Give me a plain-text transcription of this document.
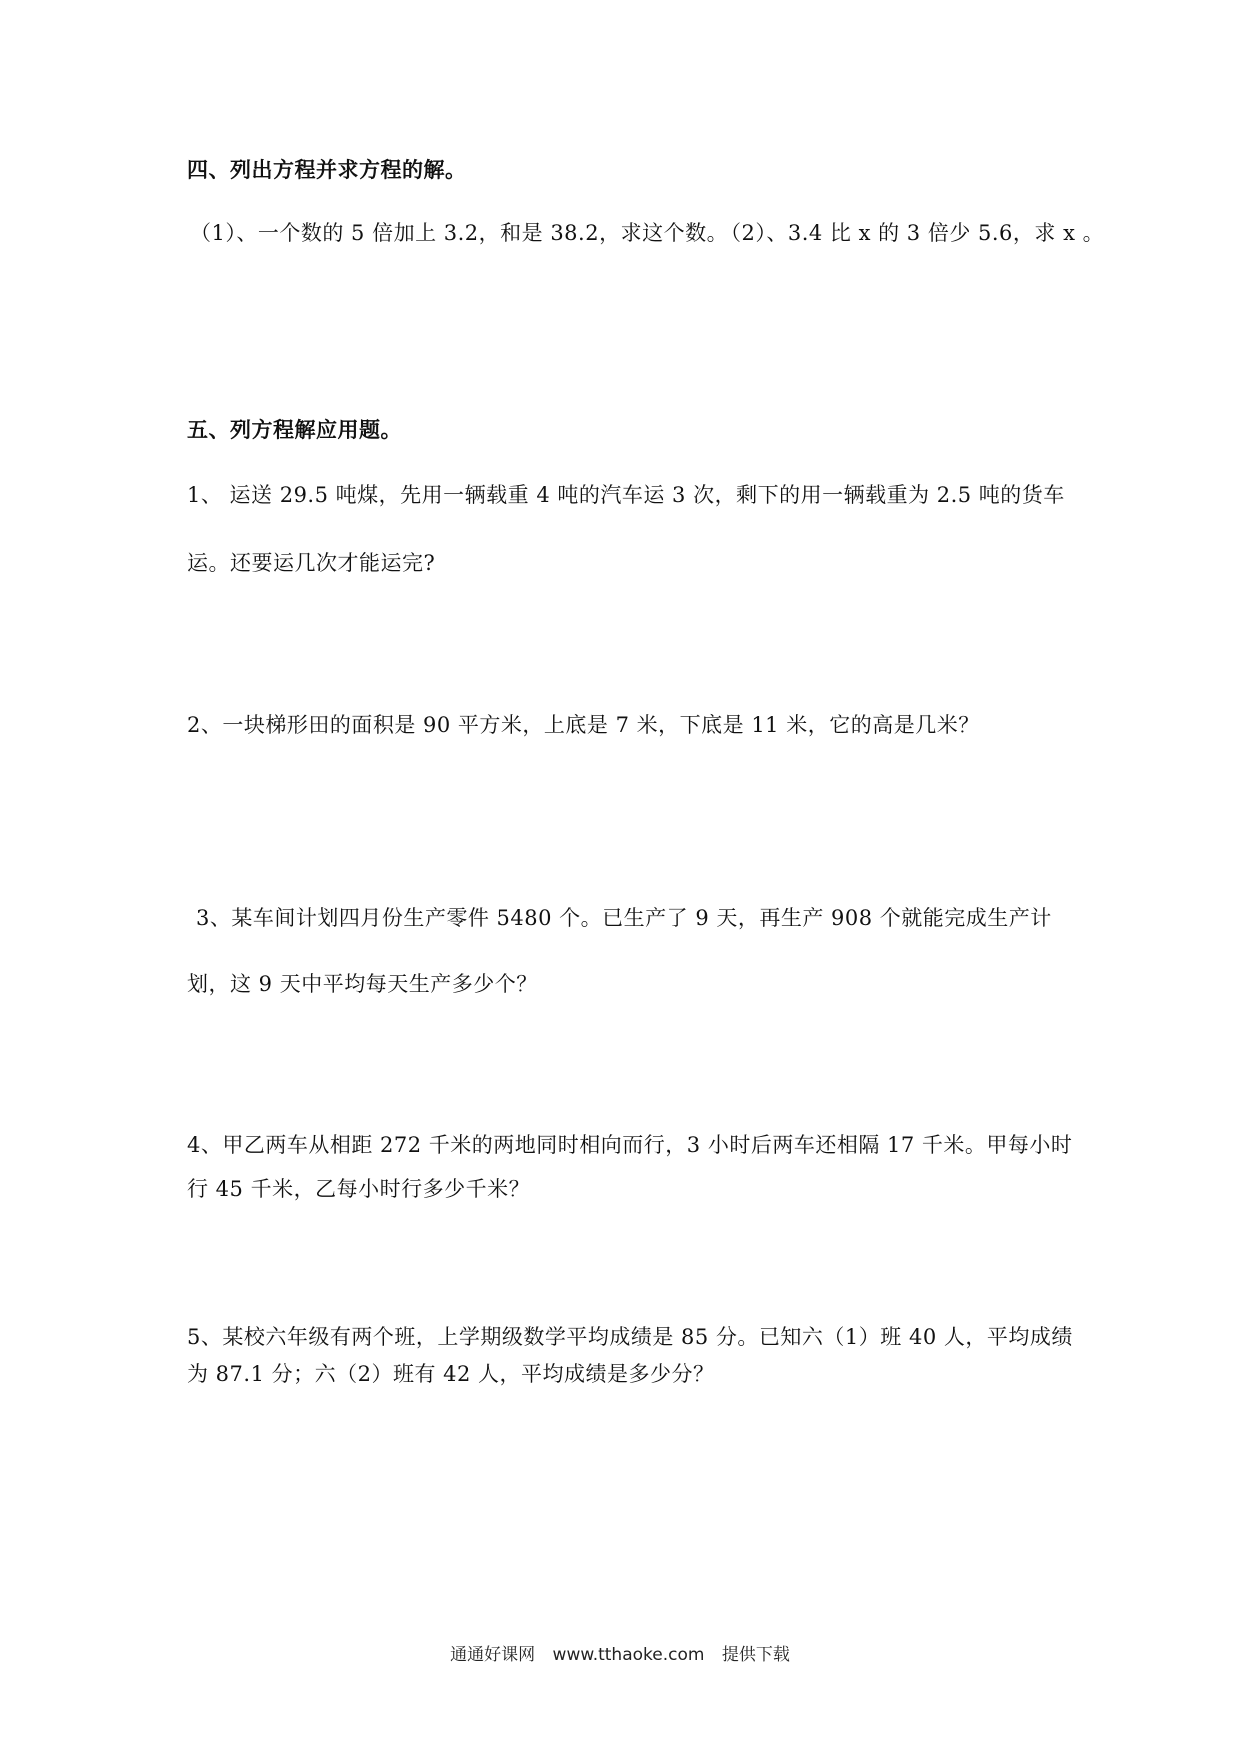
四、列出方程并求方程的解。
（1）、一个数的 5 倍加上 3.2，和是 38.2，求这个数。
（2）、3.4 比 x 的 3 倍少 5.6，求 x 。
五、列方程解应用题。
1、 运送 29.5 吨煤，先用一辆载重 4 吨的汽车运 3 次，剩下的用一辆载重为 2.5 吨的货车
运。还要运几次才能运完?
2、一块梯形田的面积是 90 平方米，上底是 7 米，下底是 11 米，它的高是几米？
3、某车间计划四月份生产零件 5480 个。已生产了 9 天，再生产 908 个就能完成生产计
划，这 9 天中平均每天生产多少个？
4、甲乙两车从相距 272 千米的两地同时相向而行，3 小时后两车还相隔 17 千米。甲每小时
行 45 千米，乙每小时行多少千米？
5、某校六年级有两个班，上学期级数学平均成绩是 85 分。已知六（1）班 40 人，平均成绩
为 87.1 分；六（2）班有 42 人，平均成绩是多少分？
通通好课网 www.tthaoke.com 提供下载
